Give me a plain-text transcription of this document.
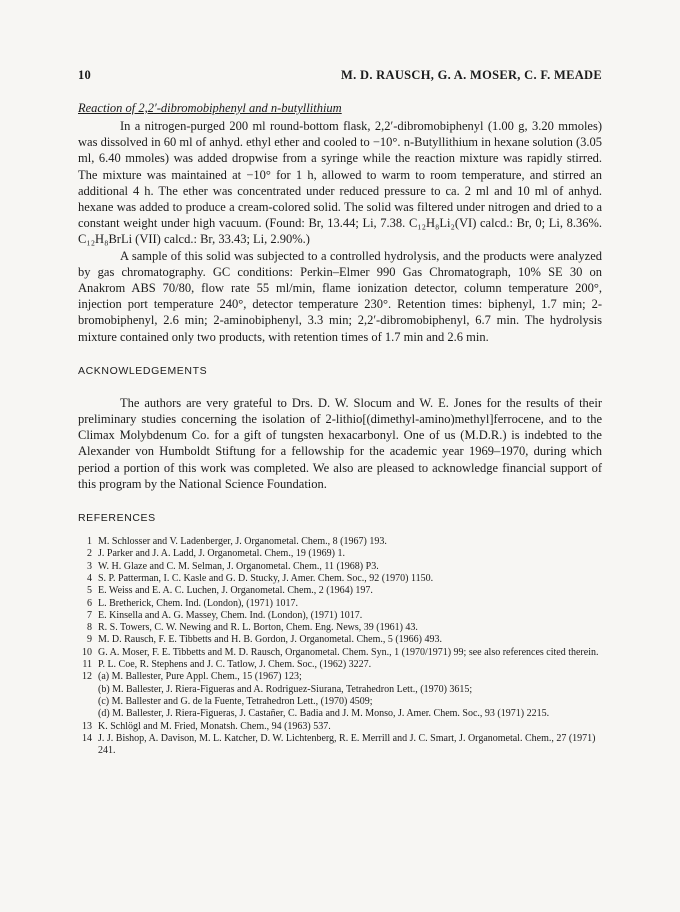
10	M. D. RAUSCH, G. A. MOSER, C. F. MEADE
Reaction of 2,2′-dibromobiphenyl and n-butyllithium

In a nitrogen-purged 200 ml round-bottom flask, 2,2′-dibromobiphenyl (1.00 g, 3.20 mmoles) was dissolved in 60 ml of anhyd. ethyl ether and cooled to −10°. n-Butyllithium in hexane solution (3.05 ml, 6.40 mmoles) was added dropwise from a syringe while the reaction mixture was rapidly stirred. The mixture was maintained at −10° for 1 h, allowed to warm to room temperature, and stirred an additional 4 h. The ether was concentrated under reduced pressure to ca. 2 ml and 10 ml of anhyd. hexane was added to produce a cream-colored solid. The solid was filtered under nitrogen and dried to a constant weight under high vacuum. (Found: Br, 13.44; Li, 7.38. C₁₂H₈Li₂(VI) calcd.: Br, 0; Li, 8.36%. C₁₂H₈BrLi (VII) calcd.: Br, 33.43; Li, 2.90%.)

A sample of this solid was subjected to a controlled hydrolysis, and the products were analyzed by gas chromatography. GC conditions: Perkin–Elmer 990 Gas Chromatograph, 10% SE 30 on Anakrom ABS 70/80, flow rate 55 ml/min, flame ionization detector, column temperature 200°, injection port temperature 240°, detector temperature 230°. Retention times: biphenyl, 1.7 min; 2-bromobiphenyl, 2.6 min; 2-aminobiphenyl, 3.3 min; 2,2′-dibromobiphenyl, 6.7 min. The hydrolysis mixture contained only two products, with retention times of 1.7 min and 2.6 min.

ACKNOWLEDGEMENTS

The authors are very grateful to Drs. D. W. Slocum and W. E. Jones for the results of their preliminary studies concerning the isolation of 2-lithio[(dimethyl-amino)methyl]ferrocene, and to the Climax Molybdenum Co. for a gift of tungsten hexacarbonyl. One of us (M.D.R.) is indebted to the Alexander von Humboldt Stiftung for a fellowship for the academic year 1969–1970, during which period a portion of this work was completed. We also are pleased to acknowledge financial support of this program by the National Science Foundation.

REFERENCES
1 M. Schlosser and V. Ladenberger, J. Organometal. Chem., 8 (1967) 193.
2 J. Parker and J. A. Ladd, J. Organometal. Chem., 19 (1969) 1.
3 W. H. Glaze and C. M. Selman, J. Organometal. Chem., 11 (1968) P3.
4 S. P. Patterman, I. C. Kasle and G. D. Stucky, J. Amer. Chem. Soc., 92 (1970) 1150.
5 E. Weiss and E. A. C. Luchen, J. Organometal. Chem., 2 (1964) 197.
6 L. Bretherick, Chem. Ind. (London), (1971) 1017.
7 E. Kinsella and A. G. Massey, Chem. Ind. (London), (1971) 1017.
8 R. S. Towers, C. W. Newing and R. L. Borton, Chem. Eng. News, 39 (1961) 43.
9 M. D. Rausch, F. E. Tibbetts and H. B. Gordon, J. Organometal. Chem., 5 (1966) 493.
10 G. A. Moser, F. E. Tibbetts and M. D. Rausch, Organometal. Chem. Syn., 1 (1970/1971) 99; see also references cited therein.
11 P. L. Coe, R. Stephens and J. C. Tatlow, J. Chem. Soc., (1962) 3227.
12 (a) M. Ballester, Pure Appl. Chem., 15 (1967) 123;
(b) M. Ballester, J. Riera-Figueras and A. Rodriguez-Siurana, Tetrahedron Lett., (1970) 3615;
(c) M. Ballester and G. de la Fuente, Tetrahedron Lett., (1970) 4509;
(d) M. Ballester, J. Riera-Figueras, J. Castañer, C. Badia and J. M. Monso, J. Amer. Chem. Soc., 93 (1971) 2215.
13 K. Schlögl and M. Fried, Monatsh. Chem., 94 (1963) 537.
14 J. J. Bishop, A. Davison, M. L. Katcher, D. W. Lichtenberg, R. E. Merrill and J. C. Smart, J. Organometal. Chem., 27 (1971) 241.
